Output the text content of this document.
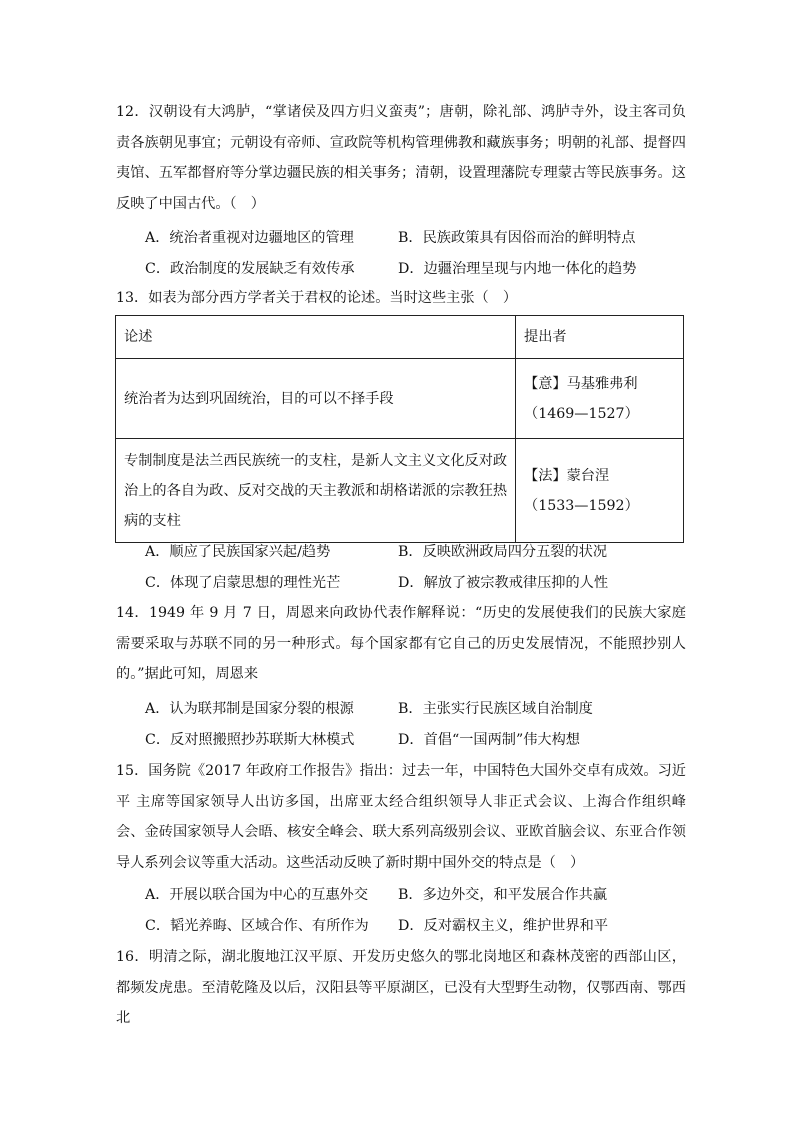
12．汉朝设有大鸿胪，“掌诸侯及四方归义蛮夷”；唐朝，除礼部、鸿胪寺外，设主客司负责各族朝见事宜；元朝设有帝师、宣政院等机构管理佛教和藏族事务；明朝的礼部、提督四夷馆、五军都督府等分掌边疆民族的相关事务；清朝，设置理藩院专理蒙古等民族事务。这反映了中国古代。（　）

A．统治者重视对边疆地区的管理	B．民族政策具有因俗而治的鲜明特点
C．政治制度的发展缺乏有效传承	D．边疆治理呈现与内地一体化的趋势

13．如表为部分西方学者关于君权的论述。当时这些主张（　）

论述	提出者
统治者为达到巩固统治，目的可以不择手段	【意】马基雅弗利
（1469—1527）

专制制度是法兰西民族统一的支柱，是新人文主义文化反对政治上的各自为政、反对交战的天主教派和胡格诺派的宗教狂热病的支柱	【法】蒙台涅
（1533—1592）
A．顺应了民族国家兴起/趋势	B．反映欧洲政局四分五裂的状况
C．体现了启蒙思想的理性光芒	D．解放了被宗教戒律压抑的人性

14．1949 年 9 月 7 日，周恩来向政协代表作解释说：“历史的发展使我们的民族大家庭需要采取与苏联不同的另一种形式。每个国家都有它自己的历史发展情况，不能照抄别人的。”据此可知，周恩来

A．认为联邦制是国家分裂的根源	B．主张实行民族区域自治制度
C．反对照搬照抄苏联斯大林模式	D．首倡“一国两制”伟大构想

15．国务院《2017 年政府工作报告》指出：过去一年，中国特色大国外交卓有成效。习近平 主席等国家领导人出访多国，出席亚太经合组织领导人非正式会议、上海合作组织峰会、金砖国家领导人会晤、核安全峰会、联大系列高级别会议、亚欧首脑会议、东亚合作领 导人系列会议等重大活动。这些活动反映了新时期中国外交的特点是（　）

A．开展以联合国为中心的互惠外交	B．多边外交，和平发展合作共赢
C．韬光养晦、区域合作、有所作为	D．反对霸权主义，维护世界和平

16．明清之际，湖北腹地江汉平原、开发历史悠久的鄂北岗地区和森林茂密的西部山区，都频发虎患。至清乾隆及以后，汉阳县等平原湖区，已没有大型野生动物，仅鄂西南、鄂西北
